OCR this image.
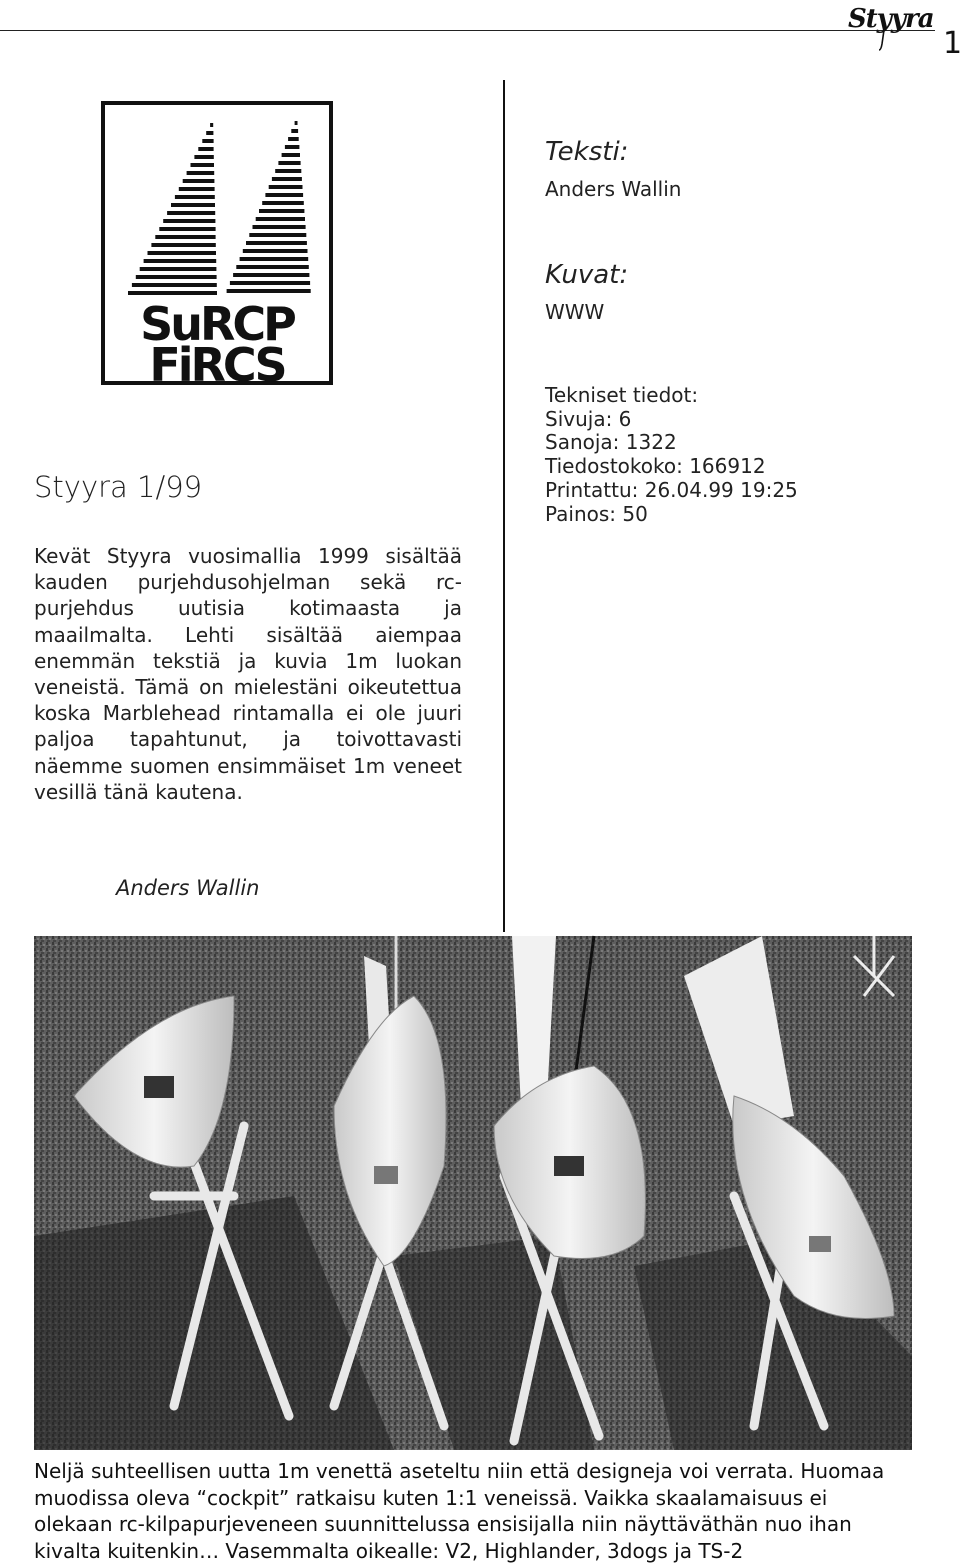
Styyra
1
SuRCP
FiRCS
Styyra 1/99
Kevät Styyra vuosimallia 1999 sisältää kauden purjehdusohjelman sekä rc-purjehdus uutisia kotimaasta ja maailmalta. Lehti sisältää aiempaa enemmän tekstiä ja kuvia 1m luokan veneistä. Tämä on mielestäni oikeutettua koska Marblehead rintamalla ei ole juuri paljoa tapahtunut, ja toivottavasti näemme suomen ensimmäiset 1m veneet vesillä tänä kautena.
Anders Wallin
Teksti:
Anders Wallin
Kuvat:
WWW
Tekniset tiedot:
Sivuja: 6
Sanoja: 1322
Tiedostokoko: 166912
Printattu: 26.04.99 19:25
Painos: 50
Neljä suhteellisen uutta 1m venettä aseteltu niin että designeja voi verrata. Huomaa
muodissa oleva “cockpit” ratkaisu kuten 1:1 veneissä. Vaikka skaalamaisuus ei
olekaan rc-kilpapurjeveneen suunnittelussa ensisijalla niin näyttäväthän nuo ihan
kivalta kuitenkin… Vasemmalta oikealle: V2, Highlander, 3dogs ja TS-2
